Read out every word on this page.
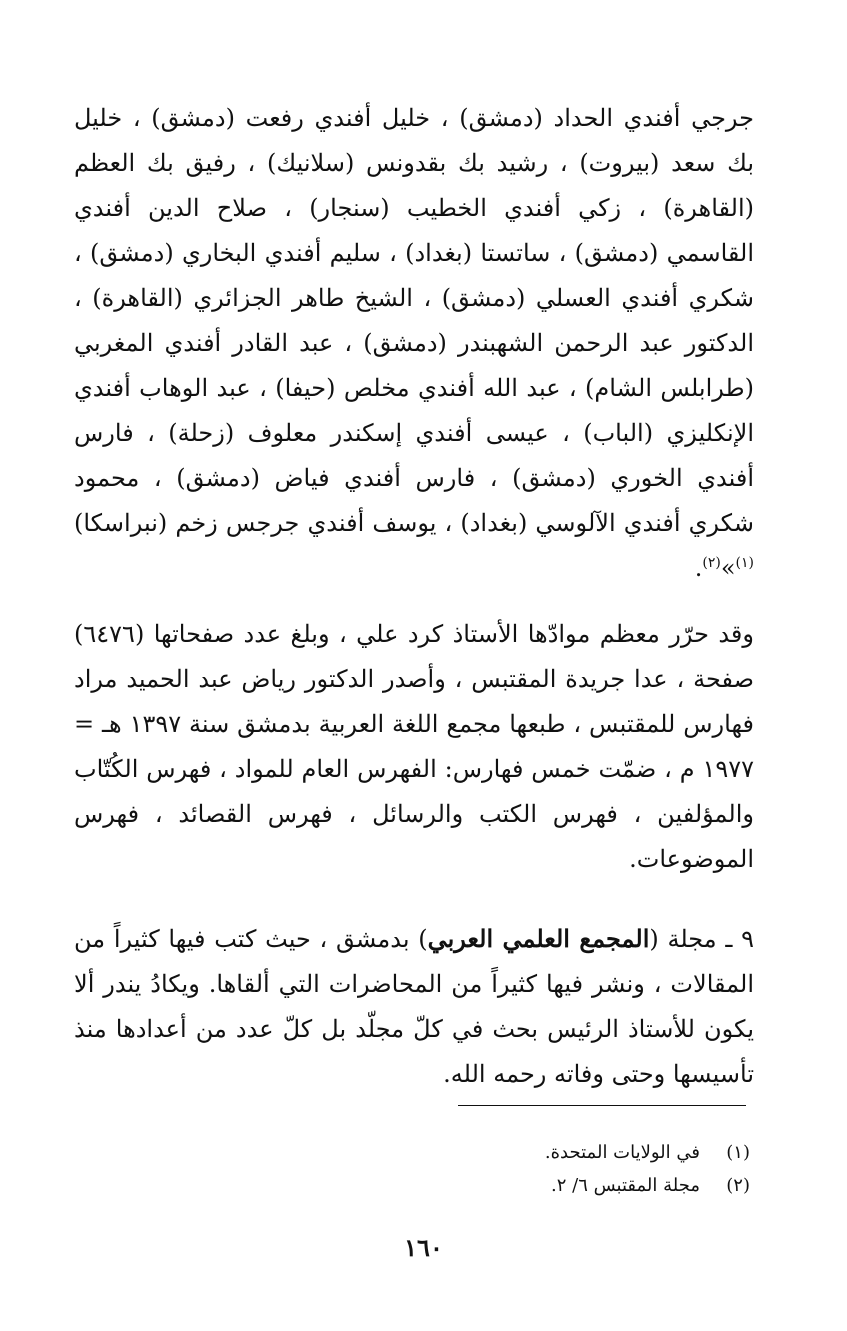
جرجي أفندي الحداد (دمشق) ، خليل أفندي رفعت (دمشق) ، خليل بك سعد (بيروت) ، رشيد بك بقدونس (سلانيك) ، رفيق بك العظم (القاهرة) ، زكي أفندي الخطيب (سنجار) ، صلاح الدين أفندي القاسمي (دمشق) ، ساتستا (بغداد) ، سليم أفندي البخاري (دمشق) ، شكري أفندي العسلي (دمشق) ، الشيخ طاهر الجزائري (القاهرة) ، الدكتور عبد الرحمن الشهبندر (دمشق) ، عبد القادر أفندي المغربي (طرابلس الشام) ، عبد الله أفندي مخلص (حيفا) ، عبد الوهاب أفندي الإنكليزي (الباب) ، عيسى أفندي إسكندر معلوف (زحلة) ، فارس أفندي الخوري (دمشق) ، فارس أفندي فياض (دمشق) ، محمود شكري أفندي الآلوسي (بغداد) ، يوسف أفندي جرجس زخم (نبراسكا)$^{(١)}$»$^{(٢)}$.
وقد حرّر معظم موادّها الأستاذ كرد علي ، وبلغ عدد صفحاتها (٦٤٧٦) صفحة ، عدا جريدة المقتبس ، وأصدر الدكتور رياض عبد الحميد مراد فهارس للمقتبس ، طبعها مجمع اللغة العربية بدمشق سنة ١٣٩٧ هـ = ١٩٧٧ م ، ضمّت خمس فهارس: الفهرس العام للمواد ، فهرس الكُتّاب والمؤلفين ، فهرس الكتب والرسائل ، فهرس القصائد ، فهرس الموضوعات.
٩ ـ مجلة (المجمع العلمي العربي) بدمشق ، حيث كتب فيها كثيراً من المقالات ، ونشر فيها كثيراً من المحاضرات التي ألقاها. ويكادُ يندر ألا يكون للأستاذ الرئيس بحث في كلّ مجلّد بل كلّ عدد من أعدادها منذ تأسيسها وحتى وفاته رحمه الله.
(١)
في الولايات المتحدة.
(٢)
مجلة المقتبس ٦/ ٢.
١٦٠
